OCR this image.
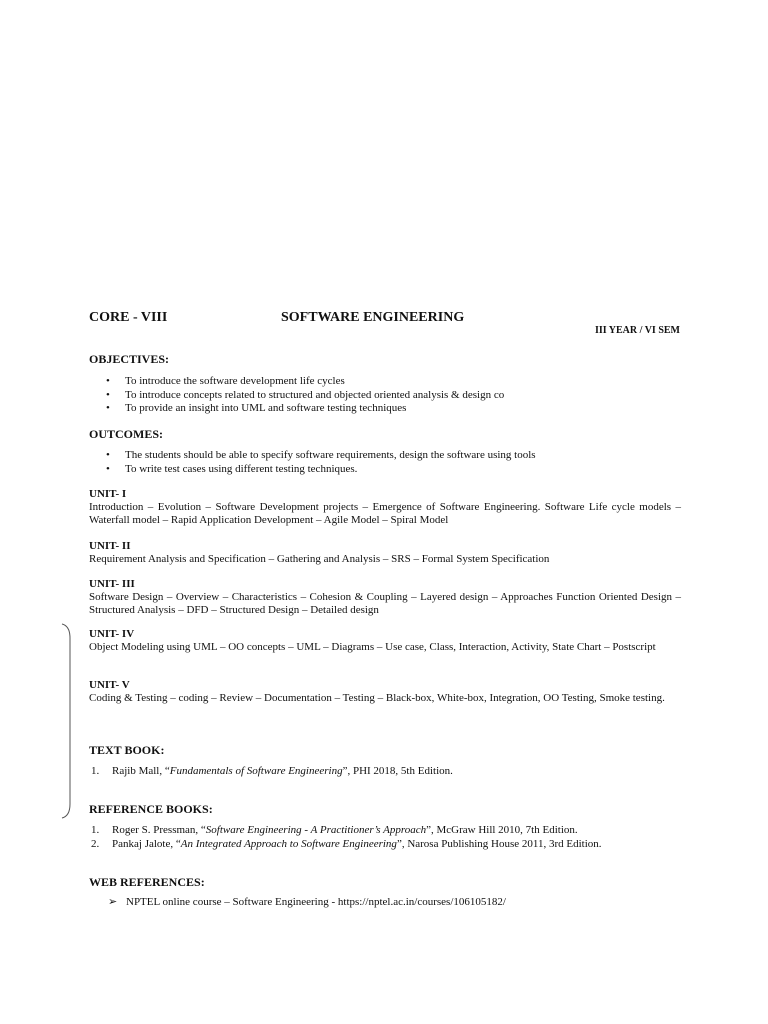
CORE - VIII	SOFTWARE ENGINEERING
III YEAR / VI SEM
OBJECTIVES:
• To introduce the software development life cycles
• To introduce concepts related to structured and objected oriented analysis & design co
• To provide an insight into UML and software testing techniques
OUTCOMES:
• The students should be able to specify software requirements, design the software using tools
• To write test cases using different testing techniques.
UNIT- I
Introduction – Evolution – Software Development projects – Emergence of Software Engineering. Software Life cycle models – Waterfall model – Rapid Application Development – Agile Model – Spiral Model
UNIT- II
Requirement Analysis and Specification – Gathering and Analysis – SRS – Formal System Specification
UNIT- III
Software Design – Overview – Characteristics – Cohesion & Coupling – Layered design – Approaches Function Oriented Design – Structured Analysis – DFD – Structured Design – Detailed design
UNIT- IV
Object Modeling using UML – OO concepts – UML – Diagrams – Use case, Class, Interaction, Activity, State Chart – Postscript
UNIT- V
Coding & Testing – coding – Review – Documentation – Testing – Black-box, White-box, Integration, OO Testing, Smoke testing.
TEXT BOOK:
1. Rajib Mall, “Fundamentals of Software Engineering”, PHI 2018, 5th Edition.
REFERENCE BOOKS:
1. Roger S. Pressman, “Software Engineering - A Practitioner’s Approach”, McGraw Hill 2010, 7th Edition.
2. Pankaj Jalote, “An Integrated Approach to Software Engineering”, Narosa Publishing House 2011, 3rd Edition.
WEB REFERENCES:
➢ NPTEL online course – Software Engineering - https://nptel.ac.in/courses/106105182/
